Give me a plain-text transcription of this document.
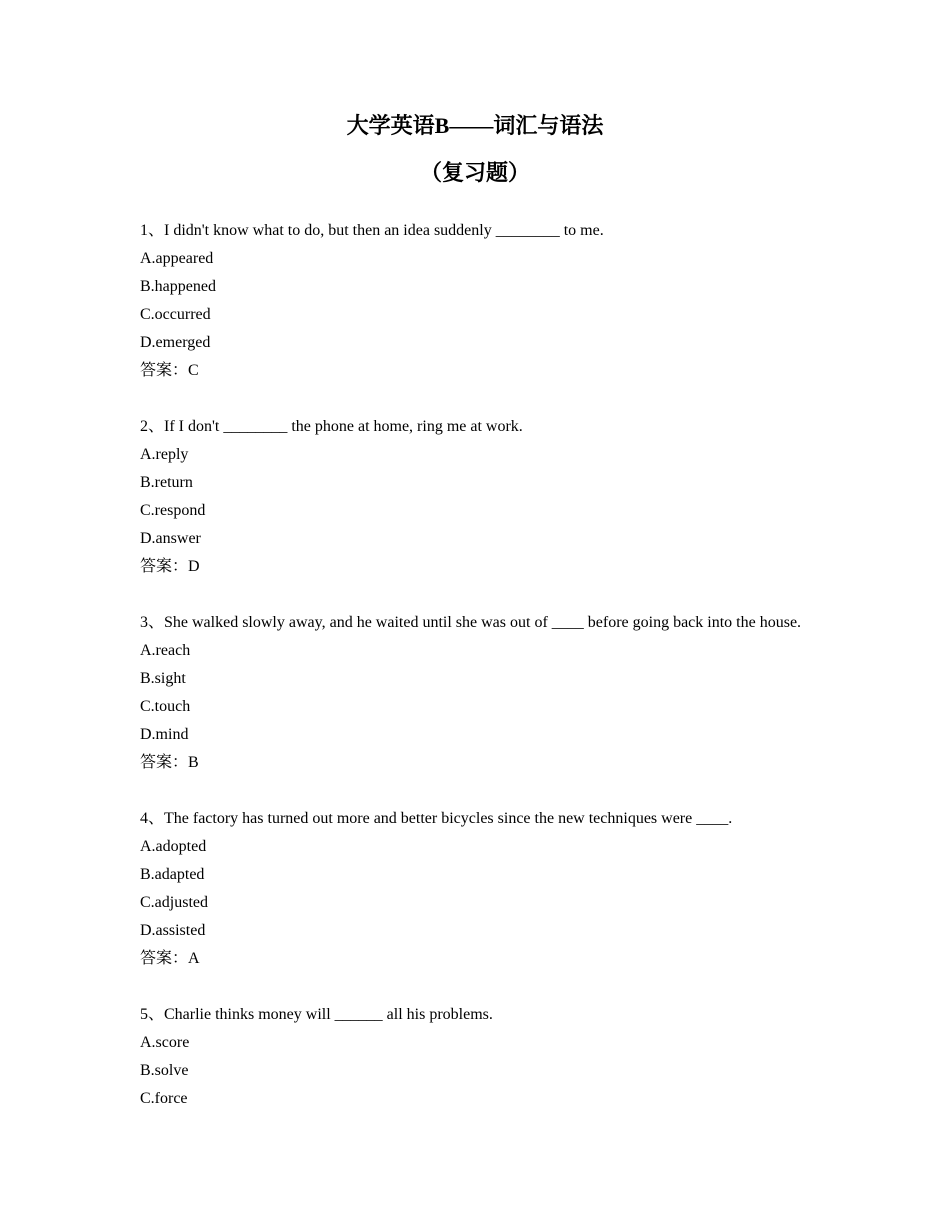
大学英语B——词汇与语法
（复习题）
1、I didn't know what to do, but then an idea suddenly ________ to me.
A.appeared
B.happened
C.occurred
D.emerged
答案：C
2、If I don't ________ the phone at home, ring me at work.
A.reply
B.return
C.respond
D.answer
答案：D
3、She walked slowly away, and he waited until she was out of ____ before going back into the house.
A.reach
B.sight
C.touch
D.mind
答案：B
4、The factory has turned out more and better bicycles since the new techniques were ____.
A.adopted
B.adapted
C.adjusted
D.assisted
答案：A
5、Charlie thinks money will ______ all his problems.
A.score
B.solve
C.force
